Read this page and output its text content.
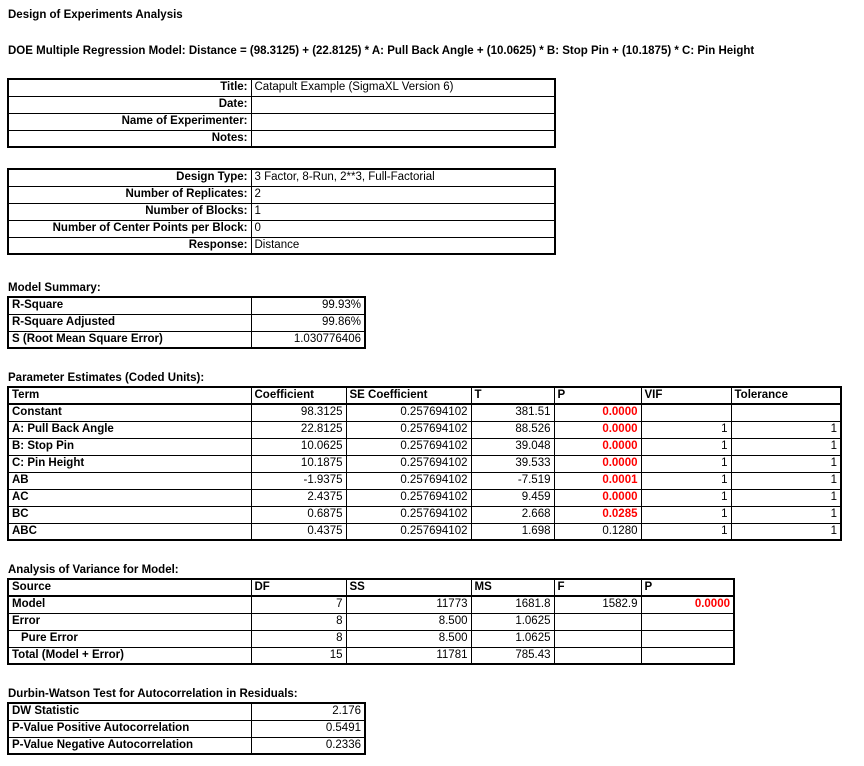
Design of Experiments Analysis
DOE Multiple Regression Model: Distance = (98.3125) + (22.8125) * A: Pull Back Angle + (10.0625) * B: Stop Pin + (10.1875) * C: Pin Height
Title:	Catapult Example (SigmaXL Version 6)
Date:	
Name of Experimenter:	
Notes:	
Design Type:	3 Factor, 8-Run, 2**3, Full-Factorial
Number of Replicates:	2
Number of Blocks:	1
Number of Center Points per Block:	0
Response:	Distance
Model Summary:
R-Square	99.93%
R-Square Adjusted	99.86%
S (Root Mean Square Error)	1.030776406
Parameter Estimates (Coded Units):
Term	Coefficient	SE Coefficient	T	P	VIF	Tolerance
Constant	98.3125	0.257694102	381.51	0.0000		
A: Pull Back Angle	22.8125	0.257694102	88.526	0.0000	1	1
B: Stop Pin	10.0625	0.257694102	39.048	0.0000	1	1
C: Pin Height	10.1875	0.257694102	39.533	0.0000	1	1
AB	-1.9375	0.257694102	-7.519	0.0001	1	1
AC	2.4375	0.257694102	9.459	0.0000	1	1
BC	0.6875	0.257694102	2.668	0.0285	1	1
ABC	0.4375	0.257694102	1.698	0.1280	1	1
Analysis of Variance for Model:
Source	DF	SS	MS	F	P
Model	7	11773	1681.8	1582.9	0.0000
Error	8	8.500	1.0625		
Pure Error	8	8.500	1.0625		
Total (Model + Error)	15	11781	785.43		
Durbin-Watson Test for Autocorrelation in Residuals:
DW Statistic	2.176
P-Value Positive Autocorrelation	0.5491
P-Value Negative Autocorrelation	0.2336
